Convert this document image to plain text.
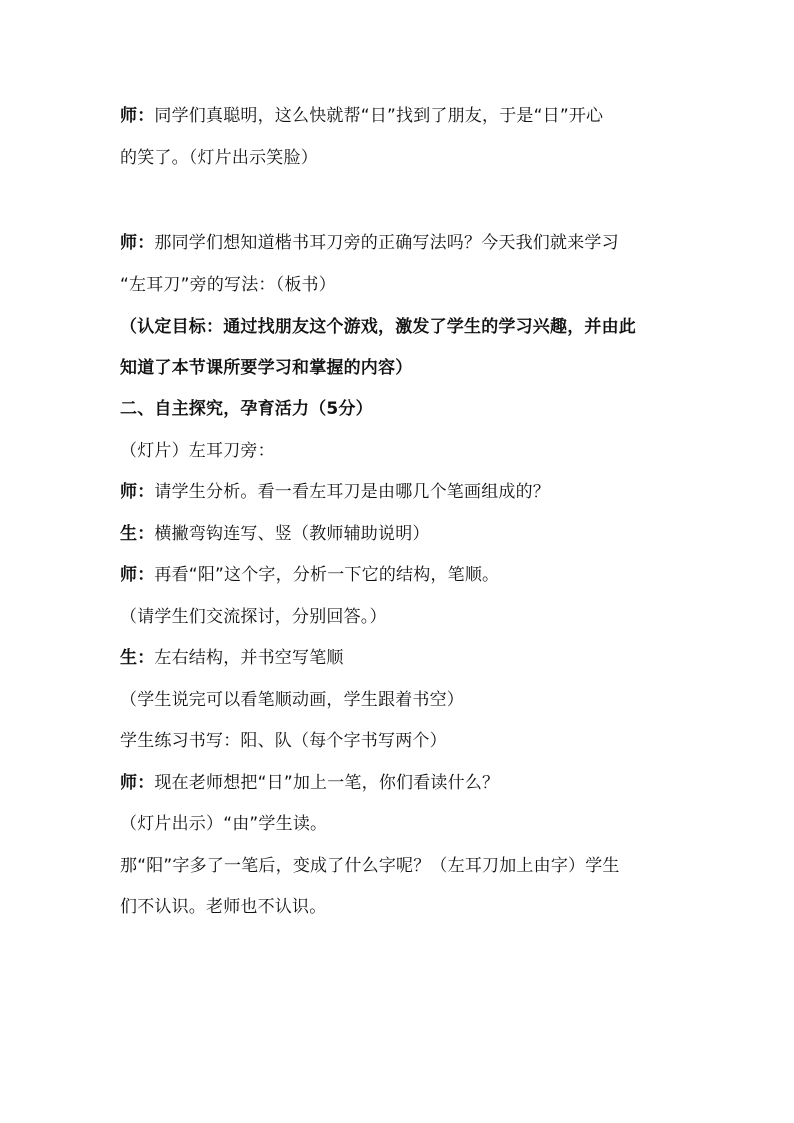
师：同学们真聪明，这么快就帮“日”找到了朋友，于是“日”开心
的笑了。（灯片出示笑脸）
师：那同学们想知道楷书耳刀旁的正确写法吗？今天我们就来学习
“左耳刀”旁的写法：（板书）
（认定目标：通过找朋友这个游戏，激发了学生的学习兴趣，并由此
知道了本节课所要学习和掌握的内容）
二、自主探究，孕育活力（5分）
（灯片）左耳刀旁：
师：请学生分析。看一看左耳刀是由哪几个笔画组成的？
生：横撇弯钩连写、竖（教师辅助说明）
师：再看“阳”这个字，分析一下它的结构，笔顺。
（请学生们交流探讨，分别回答。）
生：左右结构，并书空写笔顺
（学生说完可以看笔顺动画，学生跟着书空）
学生练习书写：阳、队（每个字书写两个）
师：现在老师想把“日”加上一笔，你们看读什么？
（灯片出示）“由”学生读。
那“阳”字多了一笔后，变成了什么字呢？（左耳刀加上由字）学生
们不认识。老师也不认识。
